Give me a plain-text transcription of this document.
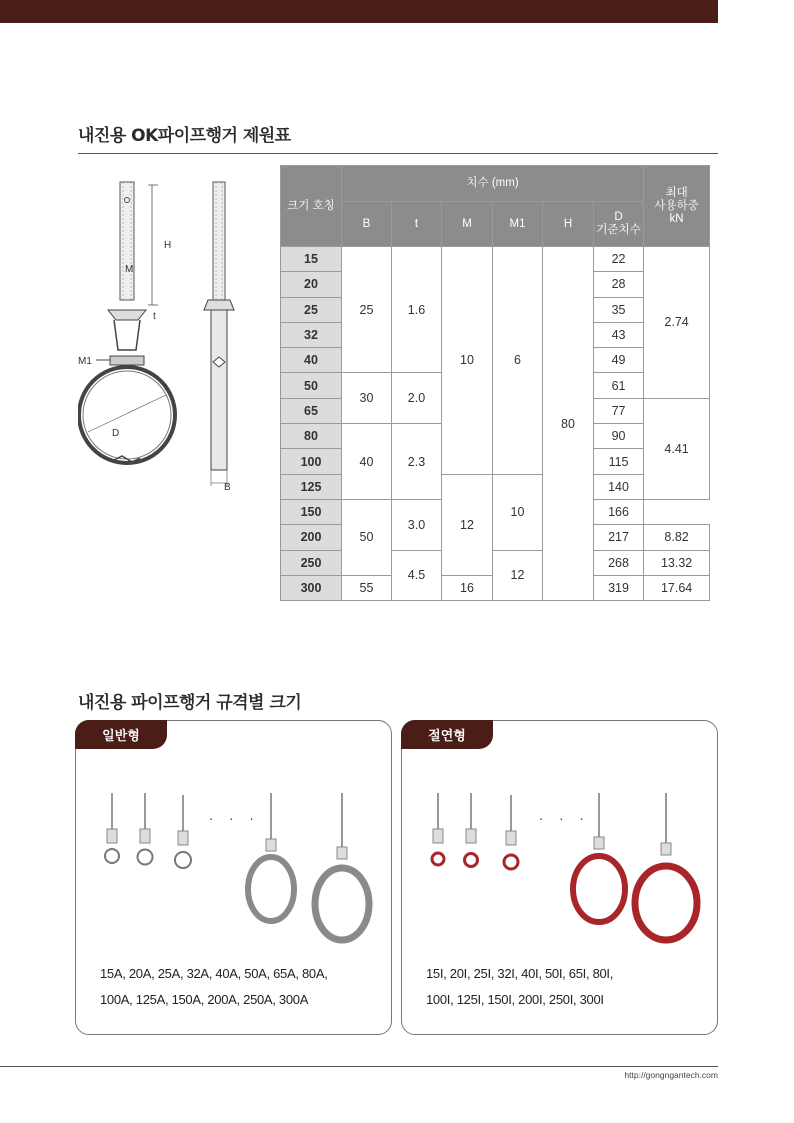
내진용 OK파이프행거 제원표
H
M
t
M1
t
D
B
크기 호칭	치수 (mm)						최대
사용하중
kN

	B	t	M	M1	H	D
기준치수	

15	25	1.6	10	6	80	22	2.74
20						28	
25						35	
32						43	
40						49	
50	30	2.0				61	
65						77	4.41
80	40	2.3				90	
100						115	
125			12	10		140	
150	50	3.0				166	
200						217	8.82
250		4.5		12		268	13.32
300	55		16			319	17.64
내진용 파이프행거 규격별 크기
일반형
· · ·
15A, 20A, 25A, 32A, 40A, 50A, 65A, 80A,
100A, 125A, 150A, 200A, 250A, 300A
절연형
· · ·
15I, 20I, 25I, 32I, 40I, 50I, 65I, 80I,
100I, 125I, 150I, 200I, 250I, 300I
http://gongngantech.com
